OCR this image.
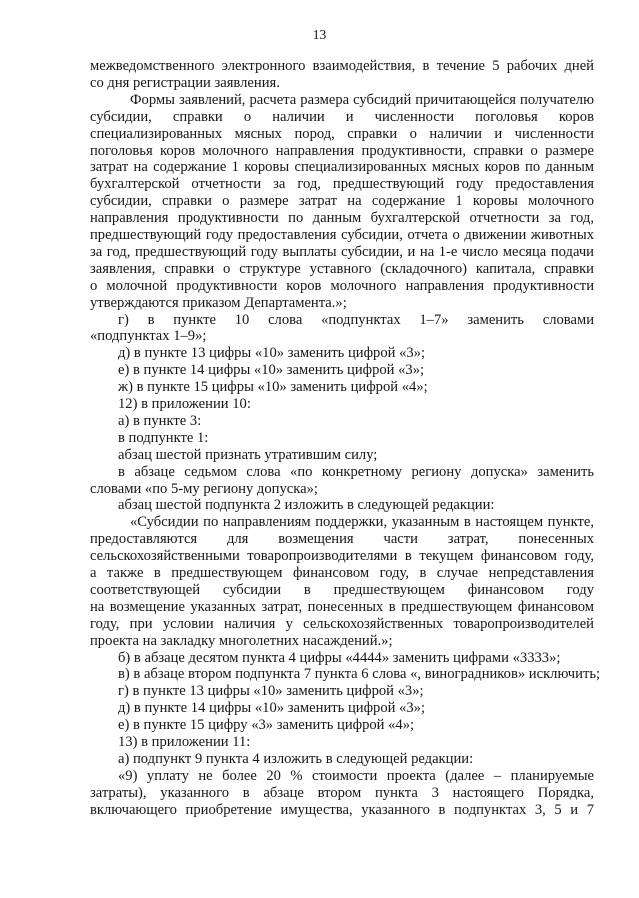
13
межведомственного электронного взаимодействия, в течение 5 рабочих дней
со дня регистрации заявления.
Формы заявлений, расчета размера субсидий причитающейся получателю
субсидии, справки о наличии и численности поголовья коров
специализированных мясных пород, справки о наличии и численности
поголовья коров молочного направления продуктивности, справки о размере
затрат на содержание 1 коровы специализированных мясных коров по данным
бухгалтерской отчетности за год, предшествующий году предоставления
субсидии, справки о размере затрат на содержание 1 коровы молочного
направления продуктивности по данным бухгалтерской отчетности за год,
предшествующий году предоставления субсидии, отчета о движении животных
за год, предшествующий году выплаты субсидии, и на 1-е число месяца подачи
заявления, справки о структуре уставного (складочного) капитала, справки
о молочной продуктивности коров молочного направления продуктивности
утверждаются приказом Департамента.»;
г) в пункте 10 слова «подпунктах 1–7» заменить словами
«подпунктах 1–9»;
д) в пункте 13 цифры «10» заменить цифрой «3»;
е) в пункте 14 цифры «10» заменить цифрой «3»;
ж) в пункте 15 цифры «10» заменить цифрой «4»;
12) в приложении 10:
а) в пункте 3:
в подпункте 1:
абзац шестой признать утратившим силу;
в абзаце седьмом слова «по конкретному региону допуска» заменить
словами «по 5-му региону допуска»;
абзац шестой подпункта 2 изложить в следующей редакции:
«Субсидии по направлениям поддержки, указанным в настоящем пункте,
предоставляются для возмещения части затрат, понесенных
сельскохозяйственными товаропроизводителями в текущем финансовом году,
а также в предшествующем финансовом году, в случае непредставления
соответствующей субсидии в предшествующем финансовом году
на возмещение указанных затрат, понесенных в предшествующем финансовом
году, при условии наличия у сельскохозяйственных товаропроизводителей
проекта на закладку многолетних насаждений.»;
б) в абзаце десятом пункта 4 цифры «4444» заменить цифрами «3333»;
в) в абзаце втором подпункта 7 пункта 6 слова «, виноградников» исключить;
г) в пункте 13 цифры «10» заменить цифрой «3»;
д) в пункте 14 цифры «10» заменить цифрой «3»;
е) в пункте 15 цифру «3» заменить цифрой «4»;
13) в приложении 11:
а) подпункт 9 пункта 4 изложить в следующей редакции:
«9) уплату не более 20 % стоимости проекта (далее – планируемые
затраты), указанного в абзаце втором пункта 3 настоящего Порядка,
включающего приобретение имущества, указанного в подпунктах 3, 5 и 7
